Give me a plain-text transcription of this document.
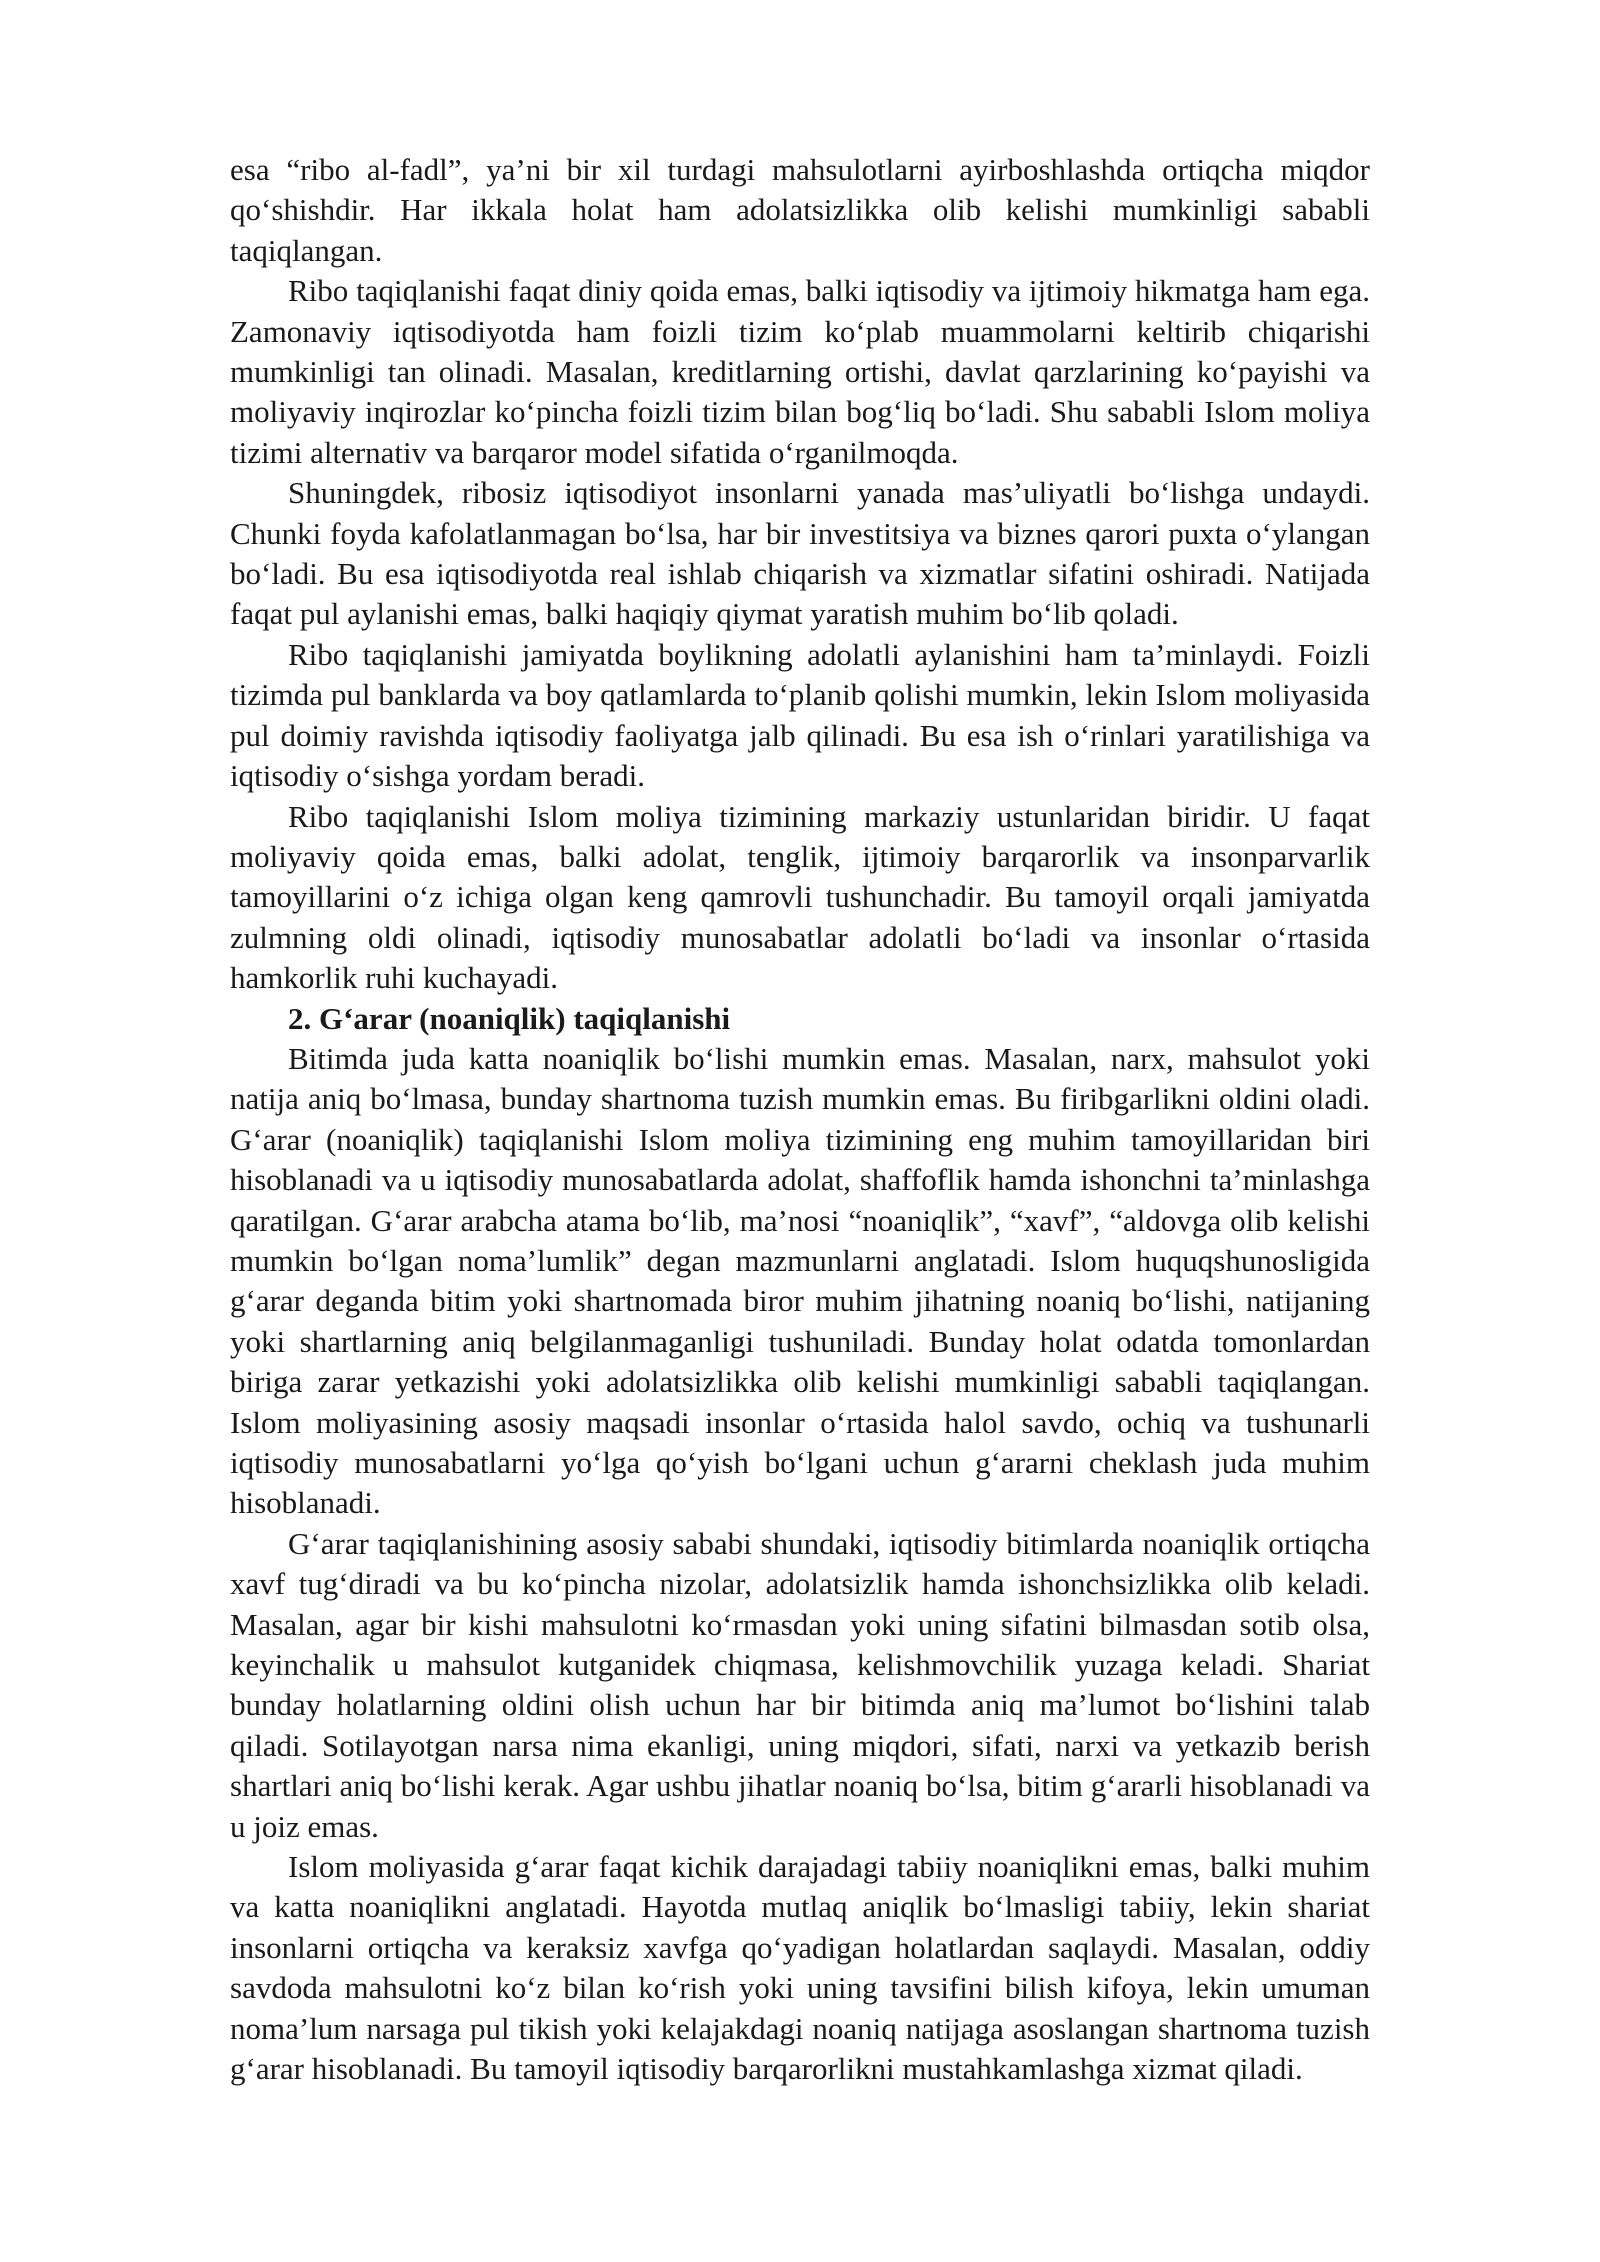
esa “ribo al-fadl”, ya’ni bir xil turdagi mahsulotlarni ayirboshlashda ortiqcha miqdor qo‘shishdir. Har ikkala holat ham adolatsizlikka olib kelishi mumkinligi sababli taqiqlangan.

Ribo taqiqlanishi faqat diniy qoida emas, balki iqtisodiy va ijtimoiy hikmatga ham ega. Zamonaviy iqtisodiyotda ham foizli tizim ko‘plab muammolarni keltirib chiqarishi mumkinligi tan olinadi. Masalan, kreditlarning ortishi, davlat qarzlarining ko‘payishi va moliyaviy inqirozlar ko‘pincha foizli tizim bilan bog‘liq bo‘ladi. Shu sababli Islom moliya tizimi alternativ va barqaror model sifatida o‘rganilmoqda.

Shuningdek, ribosiz iqtisodiyot insonlarni yanada mas’uliyatli bo‘lishga undaydi. Chunki foyda kafolatlanmagan bo‘lsa, har bir investitsiya va biznes qarori puxta o‘ylangan bo‘ladi. Bu esa iqtisodiyotda real ishlab chiqarish va xizmatlar sifatini oshiradi. Natijada faqat pul aylanishi emas, balki haqiqiy qiymat yaratish muhim bo‘lib qoladi.

Ribo taqiqlanishi jamiyatda boylikning adolatli aylanishini ham ta’minlaydi. Foizli tizimda pul banklarda va boy qatlamlarda to‘planib qolishi mumkin, lekin Islom moliyasida pul doimiy ravishda iqtisodiy faoliyatga jalb qilinadi. Bu esa ish o‘rinlari yaratilishiga va iqtisodiy o‘sishga yordam beradi.

Ribo taqiqlanishi Islom moliya tizimining markaziy ustunlaridan biridir. U faqat moliyaviy qoida emas, balki adolat, tenglik, ijtimoiy barqarorlik va insonparvarlik tamoyillarini o‘z ichiga olgan keng qamrovli tushunchadir. Bu tamoyil orqali jamiyatda zulmning oldi olinadi, iqtisodiy munosabatlar adolatli bo‘ladi va insonlar o‘rtasida hamkorlik ruhi kuchayadi.

2. G‘arar (noaniqlik) taqiqlanishi

Bitimda juda katta noaniqlik bo‘lishi mumkin emas. Masalan, narx, mahsulot yoki natija aniq bo‘lmasa, bunday shartnoma tuzish mumkin emas. Bu firibgarlikni oldini oladi. G‘arar (noaniqlik) taqiqlanishi Islom moliya tizimining eng muhim tamoyillaridan biri hisoblanadi va u iqtisodiy munosabatlarda adolat, shaffoflik hamda ishonchni ta’minlashga qaratilgan. G‘arar arabcha atama bo‘lib, ma’nosi “noaniqlik”, “xavf”, “aldovga olib kelishi mumkin bo‘lgan noma’lumlik” degan mazmunlarni anglatadi. Islom huquqshunosligida g‘arar deganda bitim yoki shartnomada biror muhim jihatning noaniq bo‘lishi, natijaning yoki shartlarning aniq belgilanmaganligi tushuniladi. Bunday holat odatda tomonlardan biriga zarar yetkazishi yoki adolatsizlikka olib kelishi mumkinligi sababli taqiqlangan. Islom moliyasining asosiy maqsadi insonlar o‘rtasida halol savdo, ochiq va tushunarli iqtisodiy munosabatlarni yo‘lga qo‘yish bo‘lgani uchun g‘ararni cheklash juda muhim hisoblanadi.

G‘arar taqiqlanishining asosiy sababi shundaki, iqtisodiy bitimlarda noaniqlik ortiqcha xavf tug‘diradi va bu ko‘pincha nizolar, adolatsizlik hamda ishonchsizlikka olib keladi. Masalan, agar bir kishi mahsulotni ko‘rmasdan yoki uning sifatini bilmasdan sotib olsa, keyinchalik u mahsulot kutganidek chiqmasa, kelishmovchilik yuzaga keladi. Shariat bunday holatlarning oldini olish uchun har bir bitimda aniq ma’lumot bo‘lishini talab qiladi. Sotilayotgan narsa nima ekanligi, uning miqdori, sifati, narxi va yetkazib berish shartlari aniq bo‘lishi kerak. Agar ushbu jihatlar noaniq bo‘lsa, bitim g‘ararli hisoblanadi va u joiz emas.

Islom moliyasida g‘arar faqat kichik darajadagi tabiiy noaniqlikni emas, balki muhim va katta noaniqlikni anglatadi. Hayotda mutlaq aniqlik bo‘lmasligi tabiiy, lekin shariat insonlarni ortiqcha va keraksiz xavfga qo‘yadigan holatlardan saqlaydi. Masalan, oddiy savdoda mahsulotni ko‘z bilan ko‘rish yoki uning tavsifini bilish kifoya, lekin umuman noma’lum narsaga pul tikish yoki kelajakdagi noaniq natijaga asoslangan shartnoma tuzish g‘arar hisoblanadi. Bu tamoyil iqtisodiy barqarorlikni mustahkamlashga xizmat qiladi.
